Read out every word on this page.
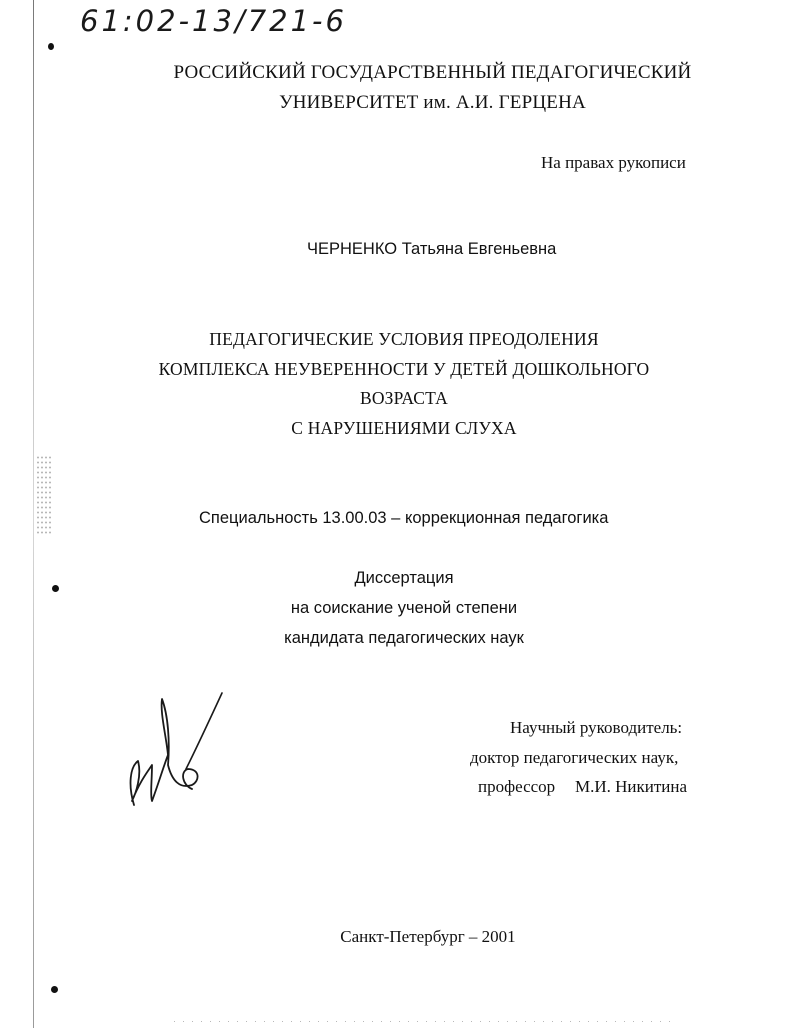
61:02-13/721-6

РОССИЙСКИЙ ГОСУДАРСТВЕННЫЙ ПЕДАГОГИЧЕСКИЙ

УНИВЕРСИТЕТ им. А.И. ГЕРЦЕНА

На правах рукописи

ЧЕРНЕНКО Татьяна Евгеньевна

ПЕДАГОГИЧЕСКИЕ УСЛОВИЯ ПРЕОДОЛЕНИЯ

КОМПЛЕКСА НЕУВЕРЕННОСТИ У ДЕТЕЙ ДОШКОЛЬНОГО

ВОЗРАСТА

С НАРУШЕНИЯМИ СЛУХА

Специальность 13.00.03 – коррекционная педагогика

Диссертация

на соискание ученой степени

кандидата педагогических наук

Научный руководитель:

доктор педагогических наук,

профессор М.И. Никитина

Санкт-Петербург – 2001
